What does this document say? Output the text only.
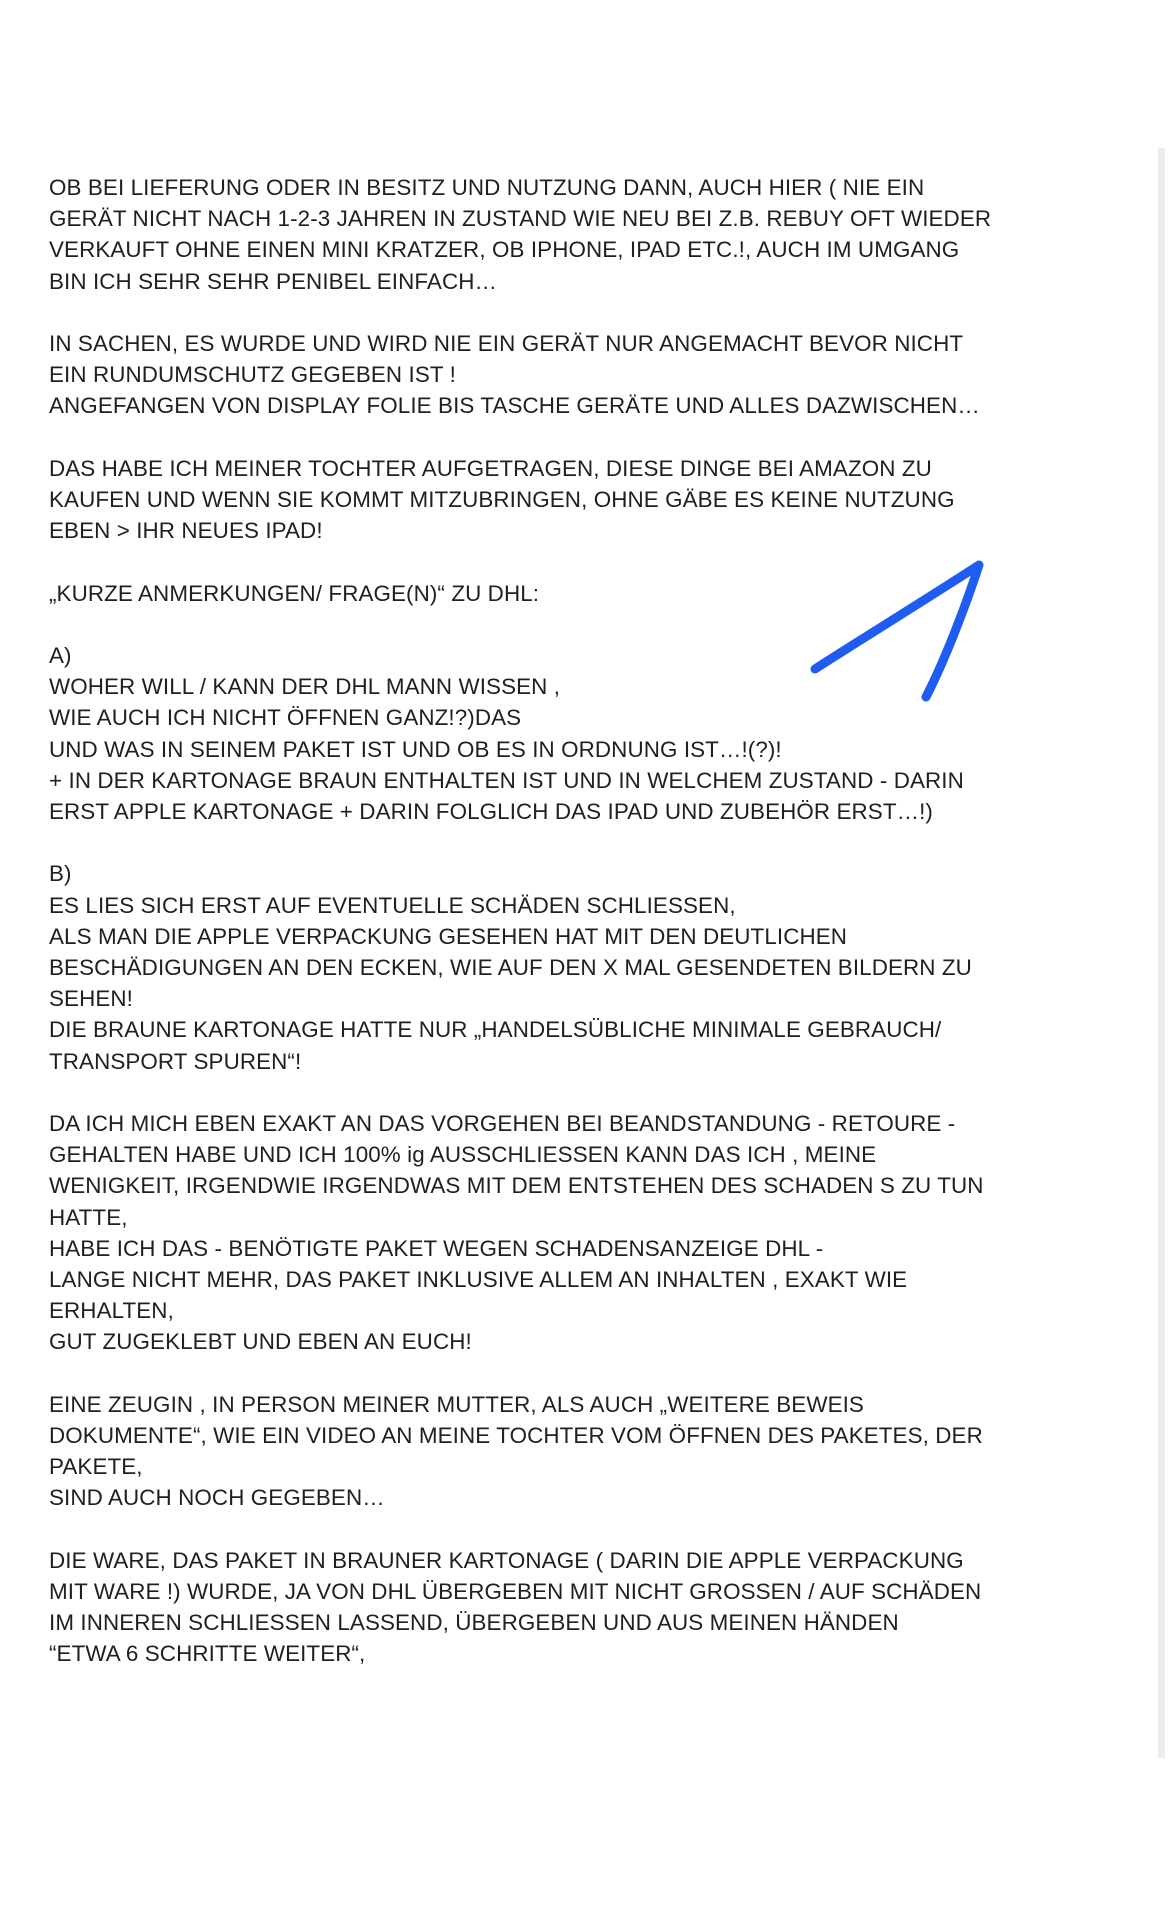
OB BEI LIEFERUNG ODER IN BESITZ UND NUTZUNG DANN, AUCH HIER ( NIE EIN
GERÄT NICHT NACH 1-2-3 JAHREN IN ZUSTAND WIE NEU BEI Z.B. REBUY OFT WIEDER
VERKAUFT OHNE EINEN MINI KRATZER, OB IPHONE, IPAD ETC.!, AUCH IM UMGANG
BIN ICH SEHR SEHR PENIBEL EINFACH…

IN SACHEN, ES WURDE UND WIRD NIE EIN GERÄT NUR ANGEMACHT BEVOR NICHT
EIN RUNDUMSCHUTZ GEGEBEN IST !
ANGEFANGEN VON DISPLAY FOLIE BIS TASCHE GERÄTE UND ALLES DAZWISCHEN…

DAS HABE ICH MEINER TOCHTER AUFGETRAGEN, DIESE DINGE BEI AMAZON ZU
KAUFEN UND WENN SIE KOMMT MITZUBRINGEN, OHNE GÄBE ES KEINE NUTZUNG
EBEN > IHR NEUES IPAD!

„KURZE ANMERKUNGEN/ FRAGE(N)“ ZU DHL:

A)
WOHER WILL / KANN DER DHL MANN WISSEN ,
WIE AUCH ICH NICHT ÖFFNEN GANZ!?)DAS
UND WAS IN SEINEM PAKET IST UND OB ES IN ORDNUNG IST…!(?)!
+ IN DER KARTONAGE BRAUN ENTHALTEN IST UND IN WELCHEM ZUSTAND - DARIN
ERST APPLE KARTONAGE + DARIN FOLGLICH DAS IPAD UND ZUBEHÖR ERST…!)

B)
ES LIES SICH ERST AUF EVENTUELLE SCHÄDEN SCHLIESSEN,
ALS MAN DIE APPLE VERPACKUNG GESEHEN HAT MIT DEN DEUTLICHEN
BESCHÄDIGUNGEN AN DEN ECKEN, WIE AUF DEN X MAL GESENDETEN BILDERN ZU
SEHEN!
DIE BRAUNE KARTONAGE HATTE NUR „HANDELSÜBLICHE MINIMALE GEBRAUCH/
TRANSPORT SPUREN“!

DA ICH MICH EBEN EXAKT AN DAS VORGEHEN BEI BEANDSTANDUNG - RETOURE -
GEHALTEN HABE UND ICH 100% ig AUSSCHLIESSEN KANN DAS ICH , MEINE
WENIGKEIT, IRGENDWIE IRGENDWAS MIT DEM ENTSTEHEN DES SCHADEN S ZU TUN
HATTE,
HABE ICH DAS - BENÖTIGTE PAKET WEGEN SCHADENSANZEIGE DHL -
LANGE NICHT MEHR, DAS PAKET INKLUSIVE ALLEM AN INHALTEN , EXAKT WIE
ERHALTEN,
GUT ZUGEKLEBT UND EBEN AN EUCH!

EINE ZEUGIN , IN PERSON MEINER MUTTER, ALS AUCH „WEITERE BEWEIS
DOKUMENTE“, WIE EIN VIDEO AN MEINE TOCHTER VOM ÖFFNEN DES PAKETES, DER
PAKETE,
SIND AUCH NOCH GEGEBEN…

DIE WARE, DAS PAKET IN BRAUNER KARTONAGE ( DARIN DIE APPLE VERPACKUNG
MIT WARE !) WURDE, JA VON DHL ÜBERGEBEN MIT NICHT GROSSEN / AUF SCHÄDEN
IM INNEREN SCHLIESSEN LASSEND, ÜBERGEBEN UND AUS MEINEN HÄNDEN
“ETWA 6 SCHRITTE WEITER“,
